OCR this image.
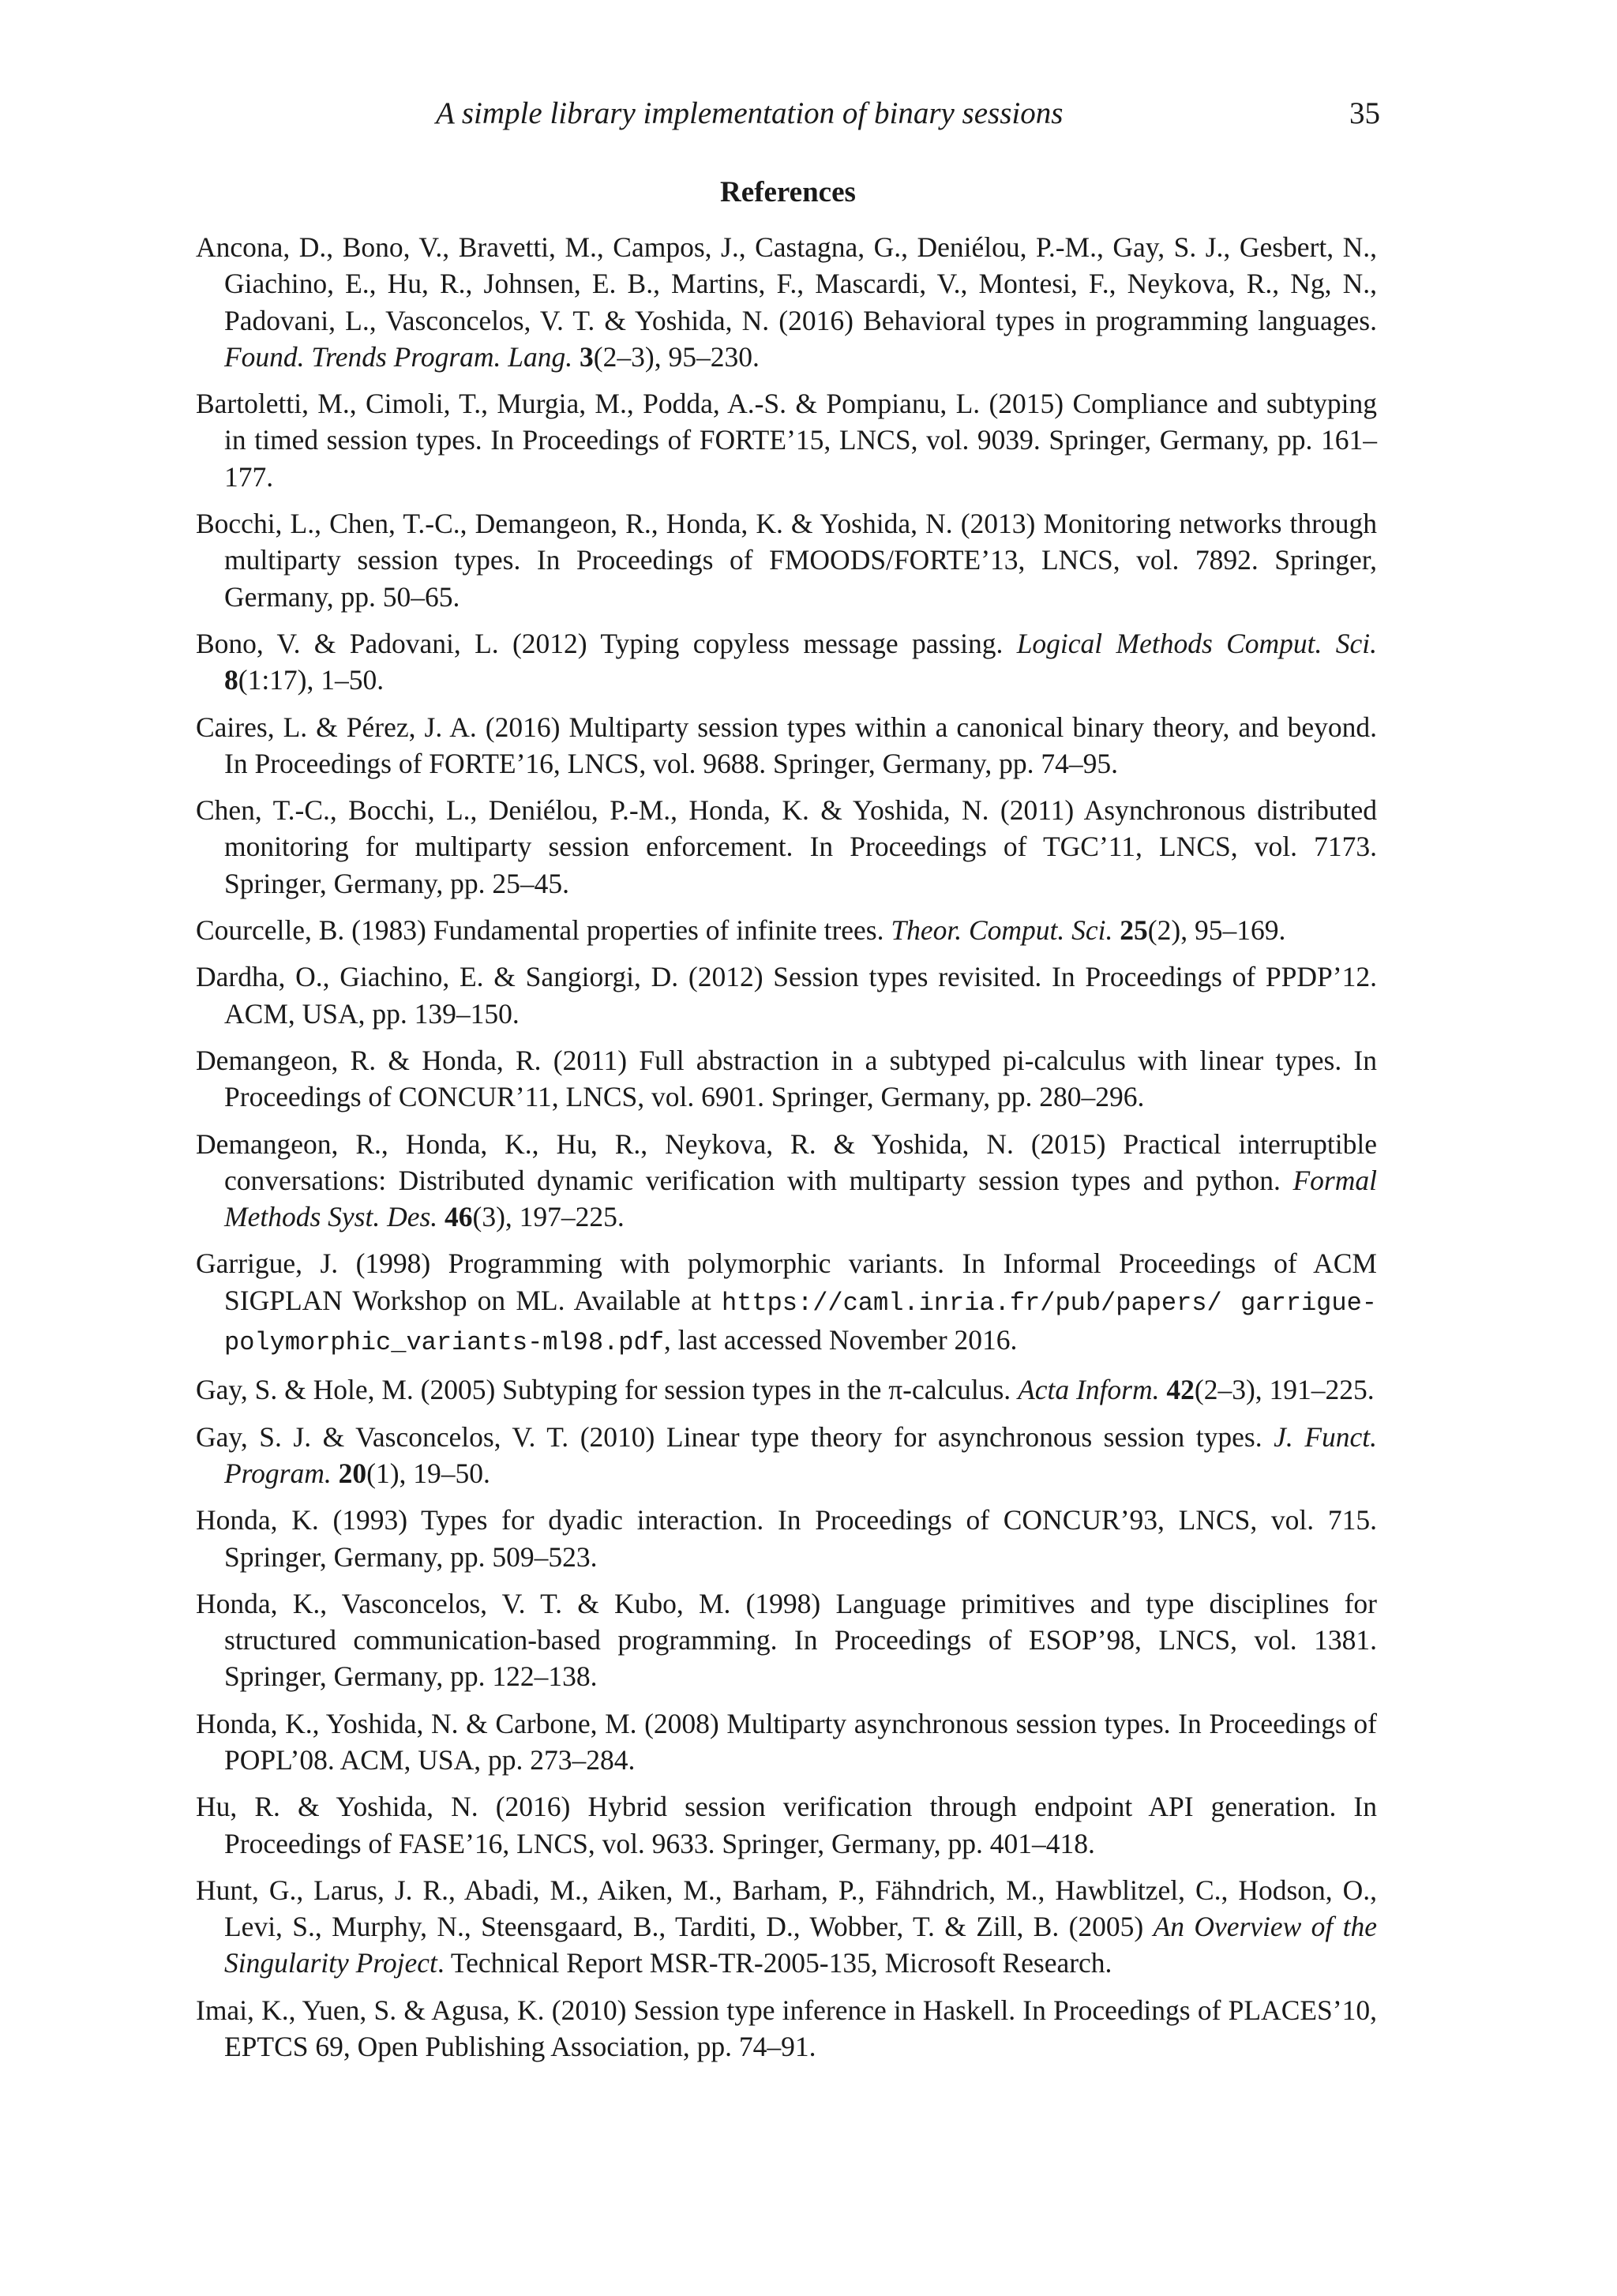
A simple library implementation of binary sessions	35
References
Ancona, D., Bono, V., Bravetti, M., Campos, J., Castagna, G., Deniélou, P.-M., Gay, S. J., Gesbert, N., Giachino, E., Hu, R., Johnsen, E. B., Martins, F., Mascardi, V., Montesi, F., Neykova, R., Ng, N., Padovani, L., Vasconcelos, V. T. & Yoshida, N. (2016) Behavioral types in programming languages. Found. Trends Program. Lang. 3(2–3), 95–230.
Bartoletti, M., Cimoli, T., Murgia, M., Podda, A.-S. & Pompianu, L. (2015) Compliance and subtyping in timed session types. In Proceedings of FORTE’15, LNCS, vol. 9039. Springer, Germany, pp. 161–177.
Bocchi, L., Chen, T.-C., Demangeon, R., Honda, K. & Yoshida, N. (2013) Monitoring networks through multiparty session types. In Proceedings of FMOODS/FORTE’13, LNCS, vol. 7892. Springer, Germany, pp. 50–65.
Bono, V. & Padovani, L. (2012) Typing copyless message passing. Logical Methods Comput. Sci. 8(1:17), 1–50.
Caires, L. & Pérez, J. A. (2016) Multiparty session types within a canonical binary theory, and beyond. In Proceedings of FORTE’16, LNCS, vol. 9688. Springer, Germany, pp. 74–95.
Chen, T.-C., Bocchi, L., Deniélou, P.-M., Honda, K. & Yoshida, N. (2011) Asynchronous distributed monitoring for multiparty session enforcement. In Proceedings of TGC’11, LNCS, vol. 7173. Springer, Germany, pp. 25–45.
Courcelle, B. (1983) Fundamental properties of infinite trees. Theor. Comput. Sci. 25(2), 95–169.
Dardha, O., Giachino, E. & Sangiorgi, D. (2012) Session types revisited. In Proceedings of PPDP’12. ACM, USA, pp. 139–150.
Demangeon, R. & Honda, R. (2011) Full abstraction in a subtyped pi-calculus with linear types. In Proceedings of CONCUR’11, LNCS, vol. 6901. Springer, Germany, pp. 280–296.
Demangeon, R., Honda, K., Hu, R., Neykova, R. & Yoshida, N. (2015) Practical interruptible conversations: Distributed dynamic verification with multiparty session types and python. Formal Methods Syst. Des. 46(3), 197–225.
Garrigue, J. (1998) Programming with polymorphic variants. In Informal Proceedings of ACM SIGPLAN Workshop on ML. Available at https://caml.inria.fr/pub/papers/ garrigue-polymorphic_variants-ml98.pdf, last accessed November 2016.
Gay, S. & Hole, M. (2005) Subtyping for session types in the π-calculus. Acta Inform. 42(2–3), 191–225.
Gay, S. J. & Vasconcelos, V. T. (2010) Linear type theory for asynchronous session types. J. Funct. Program. 20(1), 19–50.
Honda, K. (1993) Types for dyadic interaction. In Proceedings of CONCUR’93, LNCS, vol. 715. Springer, Germany, pp. 509–523.
Honda, K., Vasconcelos, V. T. & Kubo, M. (1998) Language primitives and type disciplines for structured communication-based programming. In Proceedings of ESOP’98, LNCS, vol. 1381. Springer, Germany, pp. 122–138.
Honda, K., Yoshida, N. & Carbone, M. (2008) Multiparty asynchronous session types. In Proceedings of POPL’08. ACM, USA, pp. 273–284.
Hu, R. & Yoshida, N. (2016) Hybrid session verification through endpoint API generation. In Proceedings of FASE’16, LNCS, vol. 9633. Springer, Germany, pp. 401–418.
Hunt, G., Larus, J. R., Abadi, M., Aiken, M., Barham, P., Fähndrich, M., Hawblitzel, C., Hodson, O., Levi, S., Murphy, N., Steensgaard, B., Tarditi, D., Wobber, T. & Zill, B. (2005) An Overview of the Singularity Project. Technical Report MSR-TR-2005-135, Microsoft Research.
Imai, K., Yuen, S. & Agusa, K. (2010) Session type inference in Haskell. In Proceedings of PLACES’10, EPTCS 69, Open Publishing Association, pp. 74–91.
